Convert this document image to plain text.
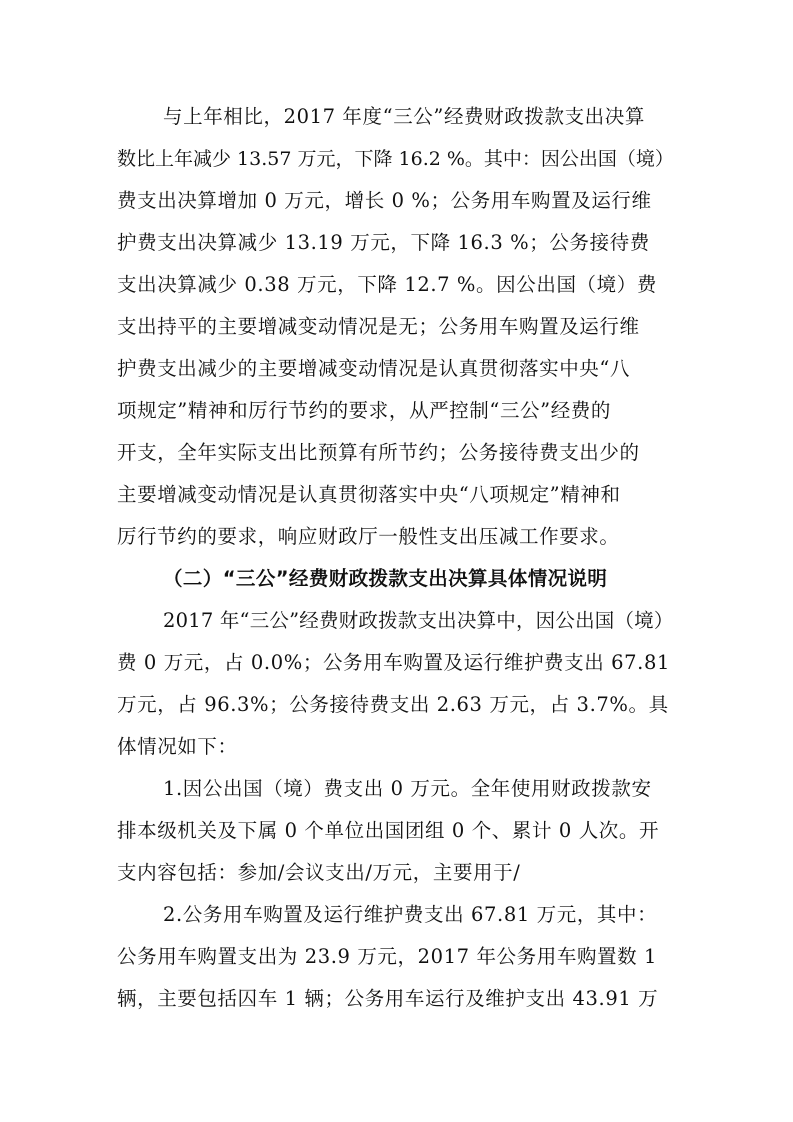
与上年相比，2017 年度“三公”经费财政拨款支出决算
数比上年减少 13.57 万元，下降 16.2 %。其中：因公出国（境）
费支出决算增加 0 万元，增长 0 %；公务用车购置及运行维
护费支出决算减少 13.19 万元，下降 16.3 %；公务接待费
支出决算减少 0.38 万元，下降 12.7 %。因公出国（境）费
支出持平的主要增减变动情况是无；公务用车购置及运行维
护费支出减少的主要增减变动情况是认真贯彻落实中央“八
项规定”精神和厉行节约的要求，从严控制“三公”经费的
开支，全年实际支出比预算有所节约；公务接待费支出少的
主要增减变动情况是认真贯彻落实中央“八项规定”精神和
厉行节约的要求，响应财政厅一般性支出压减工作要求。
（二）“三公”经费财政拨款支出决算具体情况说明
2017 年“三公”经费财政拨款支出决算中，因公出国（境）
费 0 万元，占 0.0%；公务用车购置及运行维护费支出 67.81
万元，占 96.3%；公务接待费支出 2.63 万元，占 3.7%。具
体情况如下：
1.因公出国（境）费支出 0 万元。全年使用财政拨款安
排本级机关及下属 0 个单位出国团组 0 个、累计 0 人次。开
支内容包括：参加/会议支出/万元，主要用于/
2.公务用车购置及运行维护费支出 67.81 万元，其中：
公务用车购置支出为 23.9 万元，2017 年公务用车购置数 1
辆，主要包括囚车 1 辆；公务用车运行及维护支出 43.91 万
